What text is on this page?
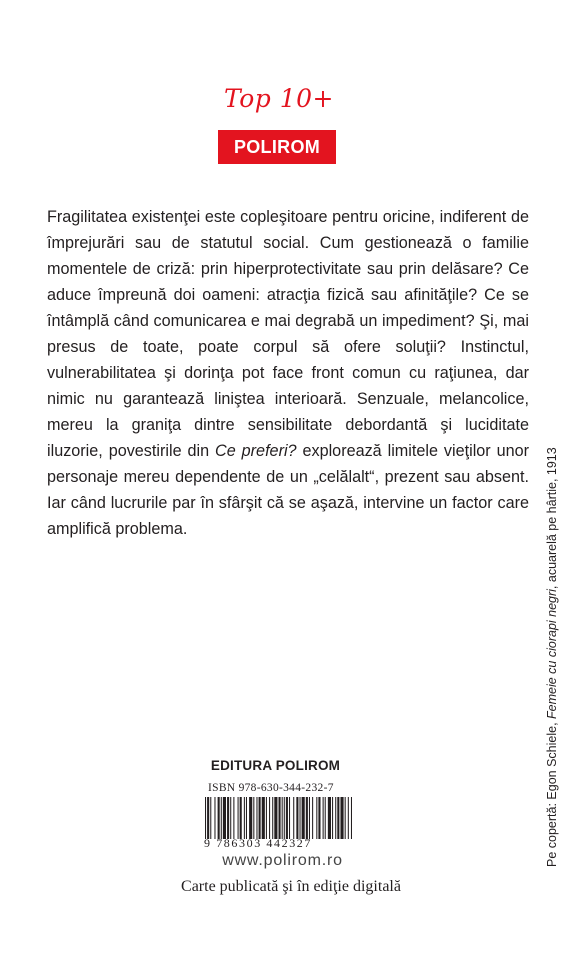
Top 10+
POLIROM

Fragilitatea existenţei este copleşitoare pentru oricine, indiferent de împrejurări sau de statutul social. Cum gestionează o familie momentele de criză: prin hiperprotectivitate sau prin delăsare? Ce aduce împreună doi oameni: atracţia fizică sau afinităţile? Ce se întâmplă când comunicarea e mai degrabă un impediment? Şi, mai presus de toate, poate corpul să ofere soluţii? Instinctul, vulnerabilitatea şi dorinţa pot face front comun cu raţiunea, dar nimic nu garantează liniştea interioară. Senzuale, melancolice, mereu la graniţa dintre sensibilitate debordantă şi luciditate iluzorie, povestirile din Ce preferi? explorează limitele vieţilor unor personaje mereu dependente de un „celălalt“, prezent sau absent. Iar când lucrurile par în sfârşit că se aşază, intervine un factor care amplifică problema.

Pe copertă: Egon Schiele, Femeie cu ciorapi negri, acuarelă pe hârtie, 1913
EDITURA POLIROM
ISBN 978-630-344-232-7
9 786303 442327
www.polirom.ro
Carte publicată şi în ediţie digitală
